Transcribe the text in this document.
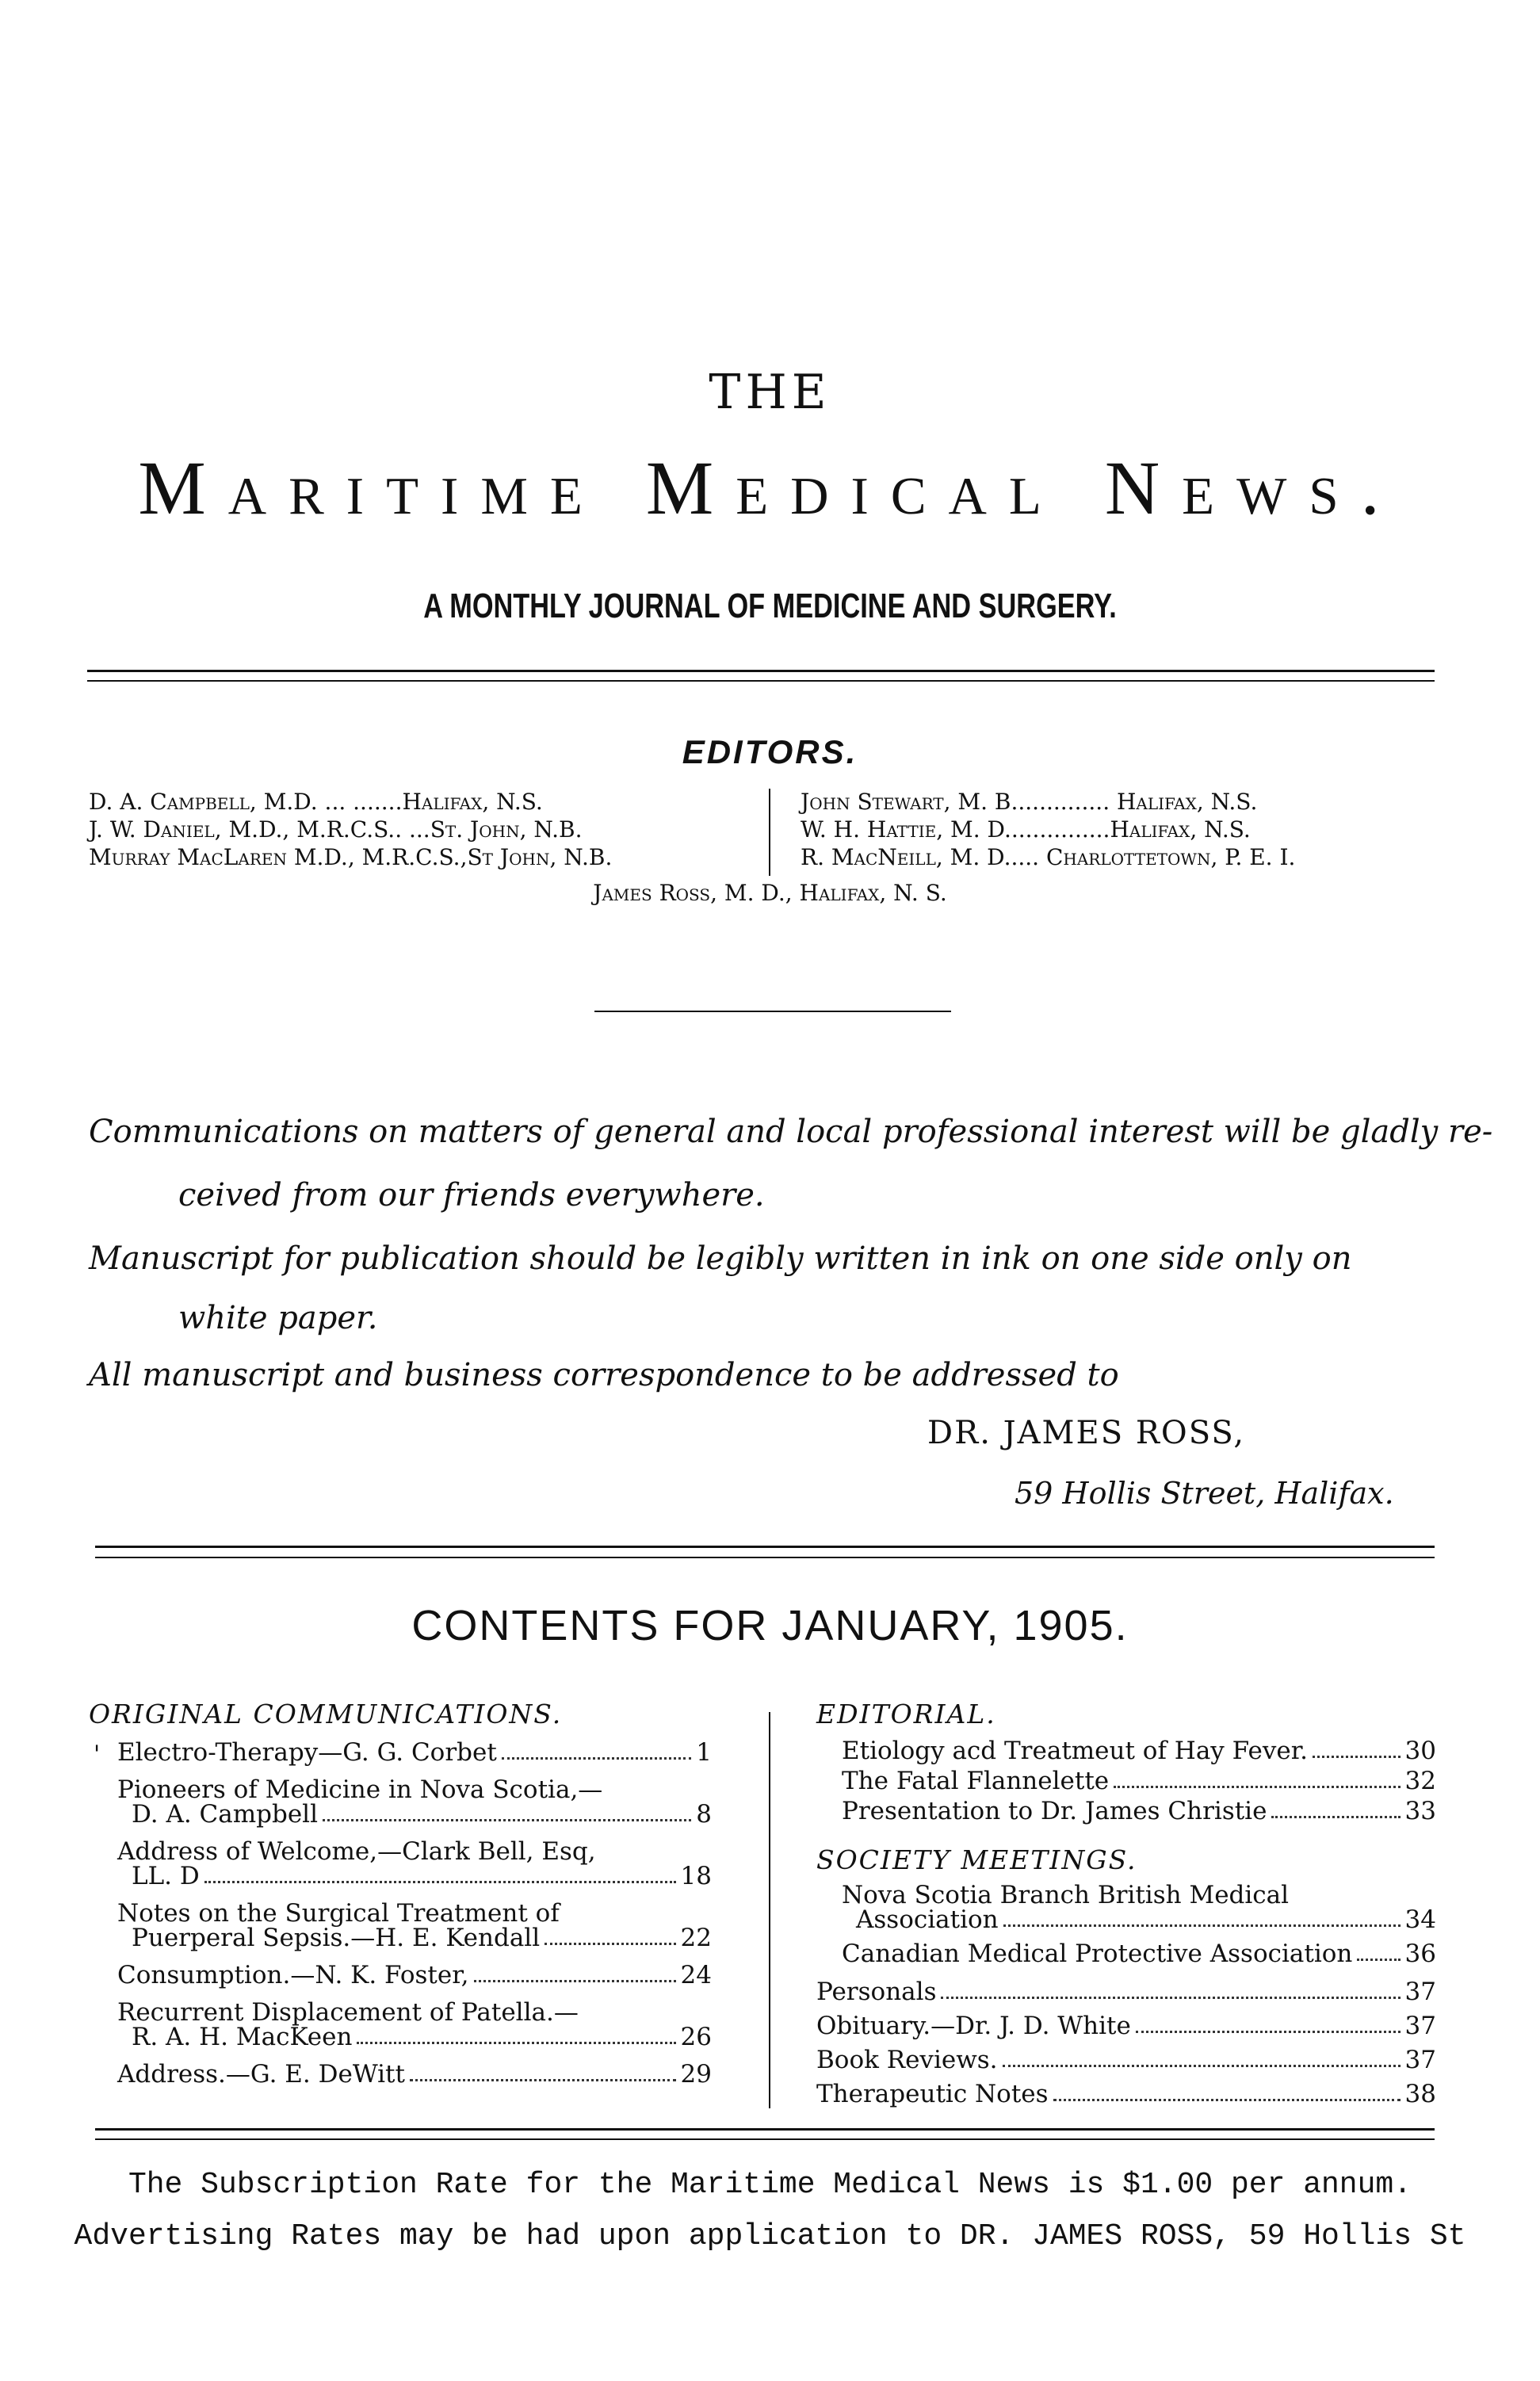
THE
Maritime Medical News.
A MONTHLY JOURNAL OF MEDICINE AND SURGERY.
EDITORS.
D. A. Campbell, M.D. ... .......Halifax, N.S.
J. W. Daniel, M.D., M.R.C.S.. ...St. John, N.B.
Murray MacLaren M.D., M.R.C.S.,St John, N.B.
John Stewart, M. B.............. Halifax, N.S.
W. H. Hattie, M. D...............Halifax, N.S.
R. MacNeill, M. D..... Charlottetown, P. E. I.
James Ross, M. D., Halifax, N. S.
Communications on matters of general and local professional interest will be gladly re-
ceived from our friends everywhere.
Manuscript for publication should be legibly written in ink on one side only on
white paper.
All manuscript and business correspondence to be addressed to
DR. JAMES ROSS,
59 Hollis Street, Halifax.
CONTENTS FOR JANUARY, 1905.
ORIGINAL COMMUNICATIONS.
'
EDITORIAL.
SOCIETY MEETINGS.
Electro-Therapy—G. G. Corbet	1
Pioneers of Medicine in Nova Scotia,—
D. A. Campbell	8
Address of Welcome,—Clark Bell, Esq,
LL. D	18
Notes on the Surgical Treatment of
Puerperal Sepsis.—H. E. Kendall	22
Consumption.—N. K. Foster,	24
Recurrent Displacement of Patella.—
R. A. H. MacKeen	26
Address.—G. E. DeWitt	29
Etiology acd Treatmeut of Hay Fever.	30
The Fatal Flannelette	32
Presentation to Dr. James Christie	33
Nova Scotia Branch British Medical
Association	34
Canadian Medical Protective Association 36
Personals	37
Obituary.—Dr. J. D. White	37
Book Reviews.	37
Therapeutic Notes	38
The Subscription Rate for the Maritime Medical News is $1.00 per annum.
Advertising Rates may be had upon application to DR. JAMES ROSS, 59 Hollis St
